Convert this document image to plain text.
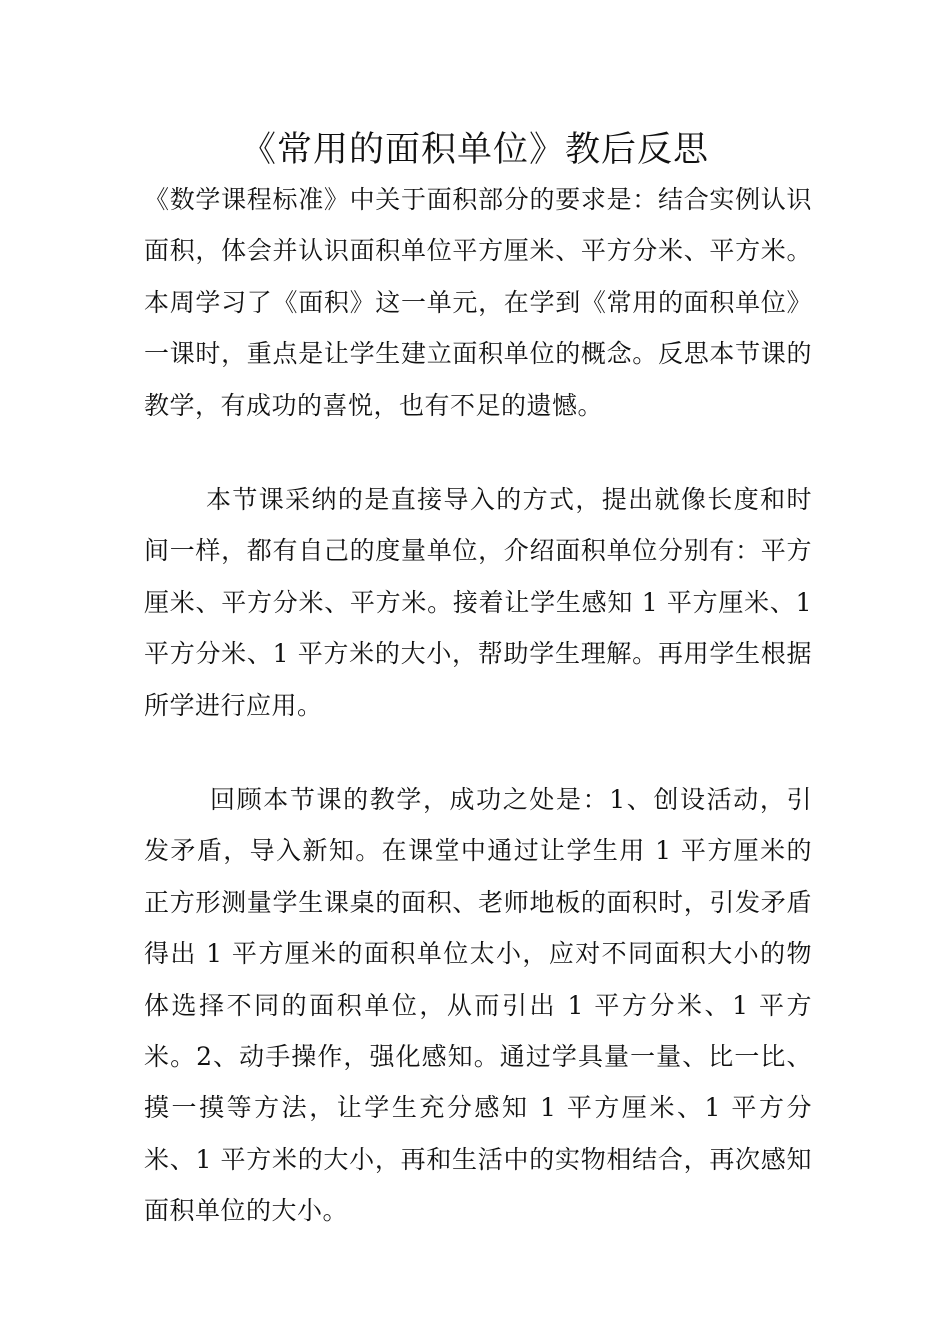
《常用的面积单位》教后反思

《数学课程标准》中关于面积部分的要求是：结合实例认识面积，体会并认识面积单位平方厘米、平方分米、平方米。本周学习了《面积》这一单元，在学到《常用的面积单位》一课时，重点是让学生建立面积单位的概念。反思本节课的教学，有成功的喜悦，也有不足的遗憾。

本节课采纳的是直接导入的方式，提出就像长度和时间一样，都有自己的度量单位，介绍面积单位分别有：平方厘米、平方分米、平方米。接着让学生感知 1 平方厘米、1 平方分米、1 平方米的大小，帮助学生理解。再用学生根据所学进行应用。

回顾本节课的教学，成功之处是：1、创设活动，引发矛盾，导入新知。在课堂中通过让学生用 1 平方厘米的正方形测量学生课桌的面积、老师地板的面积时，引发矛盾得出 1 平方厘米的面积单位太小，应对不同面积大小的物体选择不同的面积单位，从而引出 1 平方分米、1 平方米。2、动手操作，强化感知。通过学具量一量、比一比、摸一摸等方法，让学生充分感知 1 平方厘米、1 平方分米、1 平方米的大小，再和生活中的实物相结合，再次感知面积单位的大小。
